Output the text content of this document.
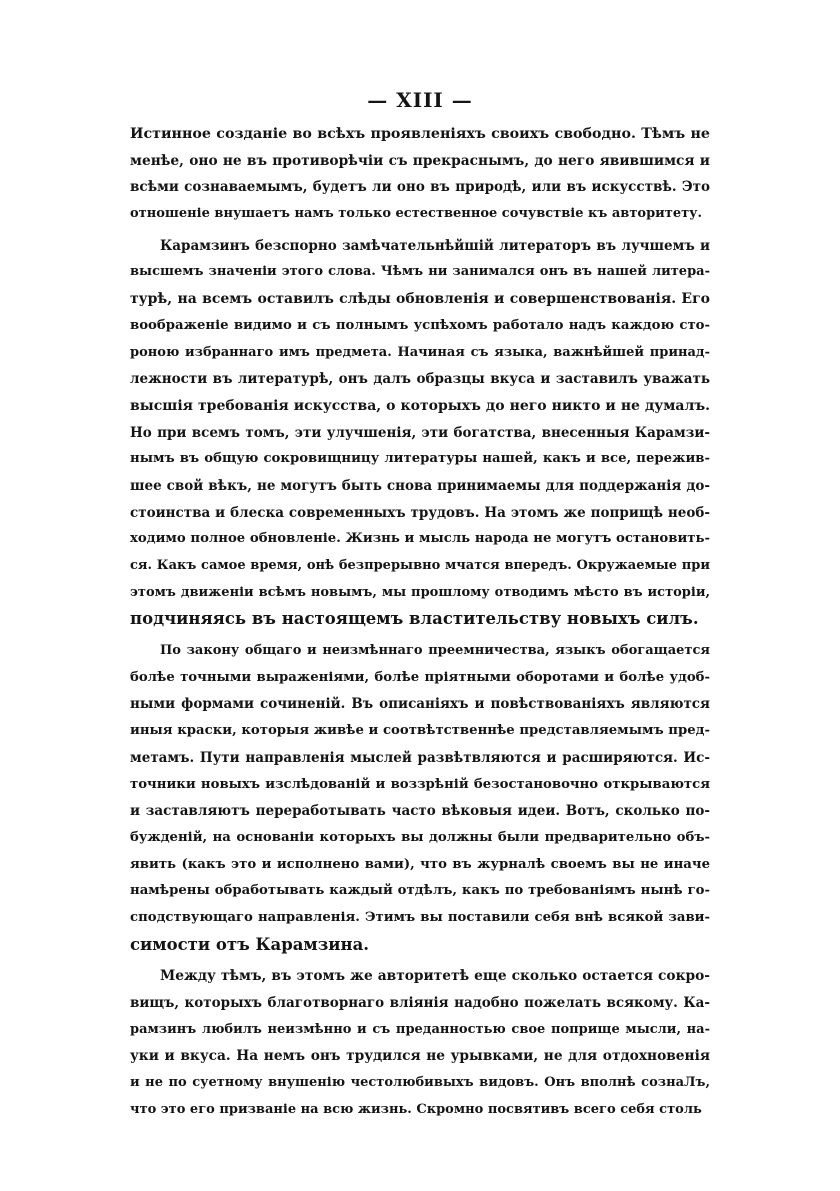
— XIII —
Истинное созданіе во всѣхъ проявленіяхъ своихъ свободно. Тѣмъ не
менѣе, оно не въ противорѣчіи съ прекраснымъ, до него явившимся и
всѣми сознаваемымъ, будетъ ли оно въ природѣ, или въ искусствѣ. Это
отношеніе внушаетъ намъ только естественное сочувствіе къ авторитету.
Карамзинъ безспорно замѣчательнѣйшій литераторъ въ лучшемъ и
высшемъ значеніи этого слова. Чѣмъ ни занимался онъ въ нашей литера-
турѣ, на всемъ оставилъ слѣды обновленія и совершенствованія. Его
воображеніе видимо и съ полнымъ успѣхомъ работало надъ каждою сто-
роною избраннаго имъ предмета. Начиная съ языка, важнѣйшей принад-
лежности въ литературѣ, онъ далъ образцы вкуса и заставилъ уважать
высшія требованія искусства, о которыхъ до него никто и не думалъ.
Но при всемъ томъ, эти улучшенія, эти богатства, внесенныя Карамзи-
нымъ въ общую сокровищницу литературы нашей, какъ и все, пережив-
шее свой вѣкъ, не могутъ быть снова принимаемы для поддержанія до-
стоинства и блеска современныхъ трудовъ. На этомъ же поприщѣ необ-
ходимо полное обновленіе. Жизнь и мысль народа не могутъ остановить-
ся. Какъ самое время, онѣ безпрерывно мчатся впередъ. Окружаемые при
этомъ движеніи всѣмъ новымъ, мы прошлому отводимъ мѣсто въ исторіи,
подчиняясь въ настоящемъ властительству новыхъ силъ.
По закону общаго и неизмѣннаго преемничества, языкъ обогащается
болѣе точными выраженіями, болѣе пріятными оборотами и болѣе удоб-
ными формами сочиненій. Въ описаніяхъ и повѣствованіяхъ являются
иныя краски, которыя живѣе и соотвѣтственнѣе представляемымъ пред-
метамъ. Пути направленія мыслей развѣтвляются и расширяются. Ис-
точники новыхъ изслѣдованій и воззрѣній безостановочно открываются
и заставляютъ переработывать часто вѣковыя идеи. Вотъ, сколько по-
бужденій, на основаніи которыхъ вы должны были предварительно объ-
явить (какъ это и исполнено вами), что въ журналѣ своемъ вы не иначе
намѣрены обработывать каждый отдѣлъ, какъ по требованіямъ нынѣ го-
сподствующаго направленія. Этимъ вы поставили себя внѣ всякой зави-
симости отъ Карамзина.
Между тѣмъ, въ этомъ же авторитетѣ еще сколько остается сокро-
вищъ, которыхъ благотворнаго вліянія надобно пожелать всякому. Ка-
рамзинъ любилъ неизмѣнно и съ преданностью свое поприще мысли, на-
уки и вкуса. На немъ онъ трудился не урывками, не для отдохновенія
и не по суетному внушенію честолюбивыхъ видовъ. Онъ вполнѣ сознаЛъ,
что это его призваніе на всю жизнь. Скромно посвятивъ всего себя столь
